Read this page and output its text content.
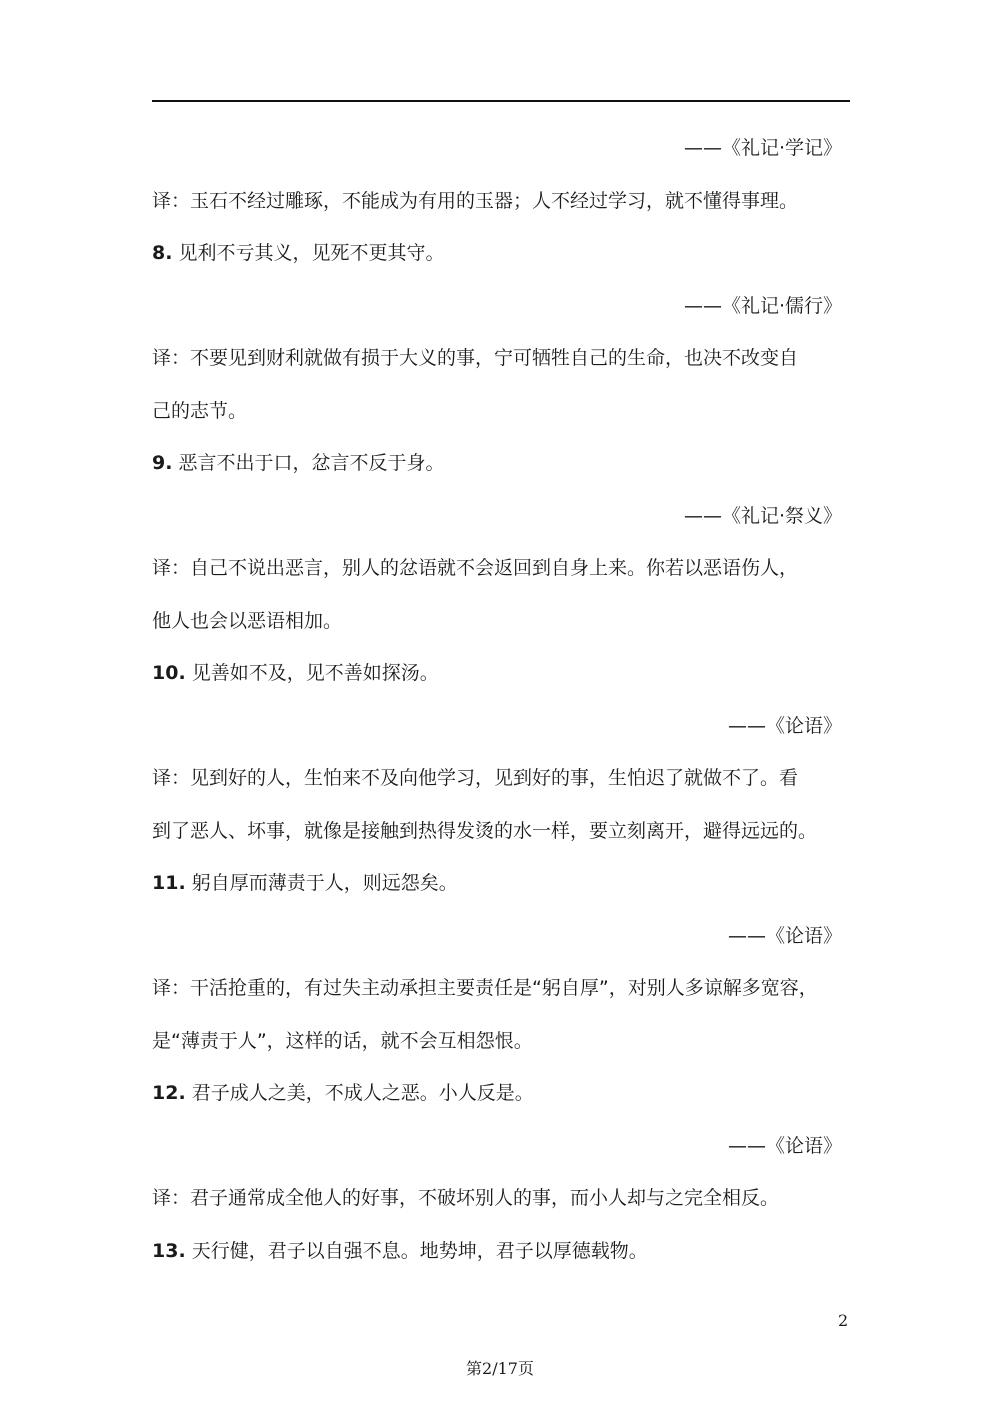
——《礼记·学记》
译：玉石不经过雕琢，不能成为有用的玉器；人不经过学习，就不懂得事理。
8. 见利不亏其义，见死不更其守。
——《礼记·儒行》
译：不要见到财利就做有损于大义的事，宁可牺牲自己的生命，也决不改变自
己的志节。
9. 恶言不出于口，忿言不反于身。
——《礼记·祭义》
译：自己不说出恶言，别人的忿语就不会返回到自身上来。你若以恶语伤人，
他人也会以恶语相加。
10. 见善如不及，见不善如探汤。
——《论语》
译：见到好的人，生怕来不及向他学习，见到好的事，生怕迟了就做不了。看
到了恶人、坏事，就像是接触到热得发烫的水一样，要立刻离开，避得远远的。
11. 躬自厚而薄责于人，则远怨矣。
——《论语》
译：干活抢重的，有过失主动承担主要责任是“躬自厚”，对别人多谅解多宽容，
是“薄责于人”，这样的话，就不会互相怨恨。
12. 君子成人之美，不成人之恶。小人反是。
——《论语》
译：君子通常成全他人的好事，不破坏别人的事，而小人却与之完全相反。
13. 天行健，君子以自强不息。地势坤，君子以厚德载物。
2
第2/17页
